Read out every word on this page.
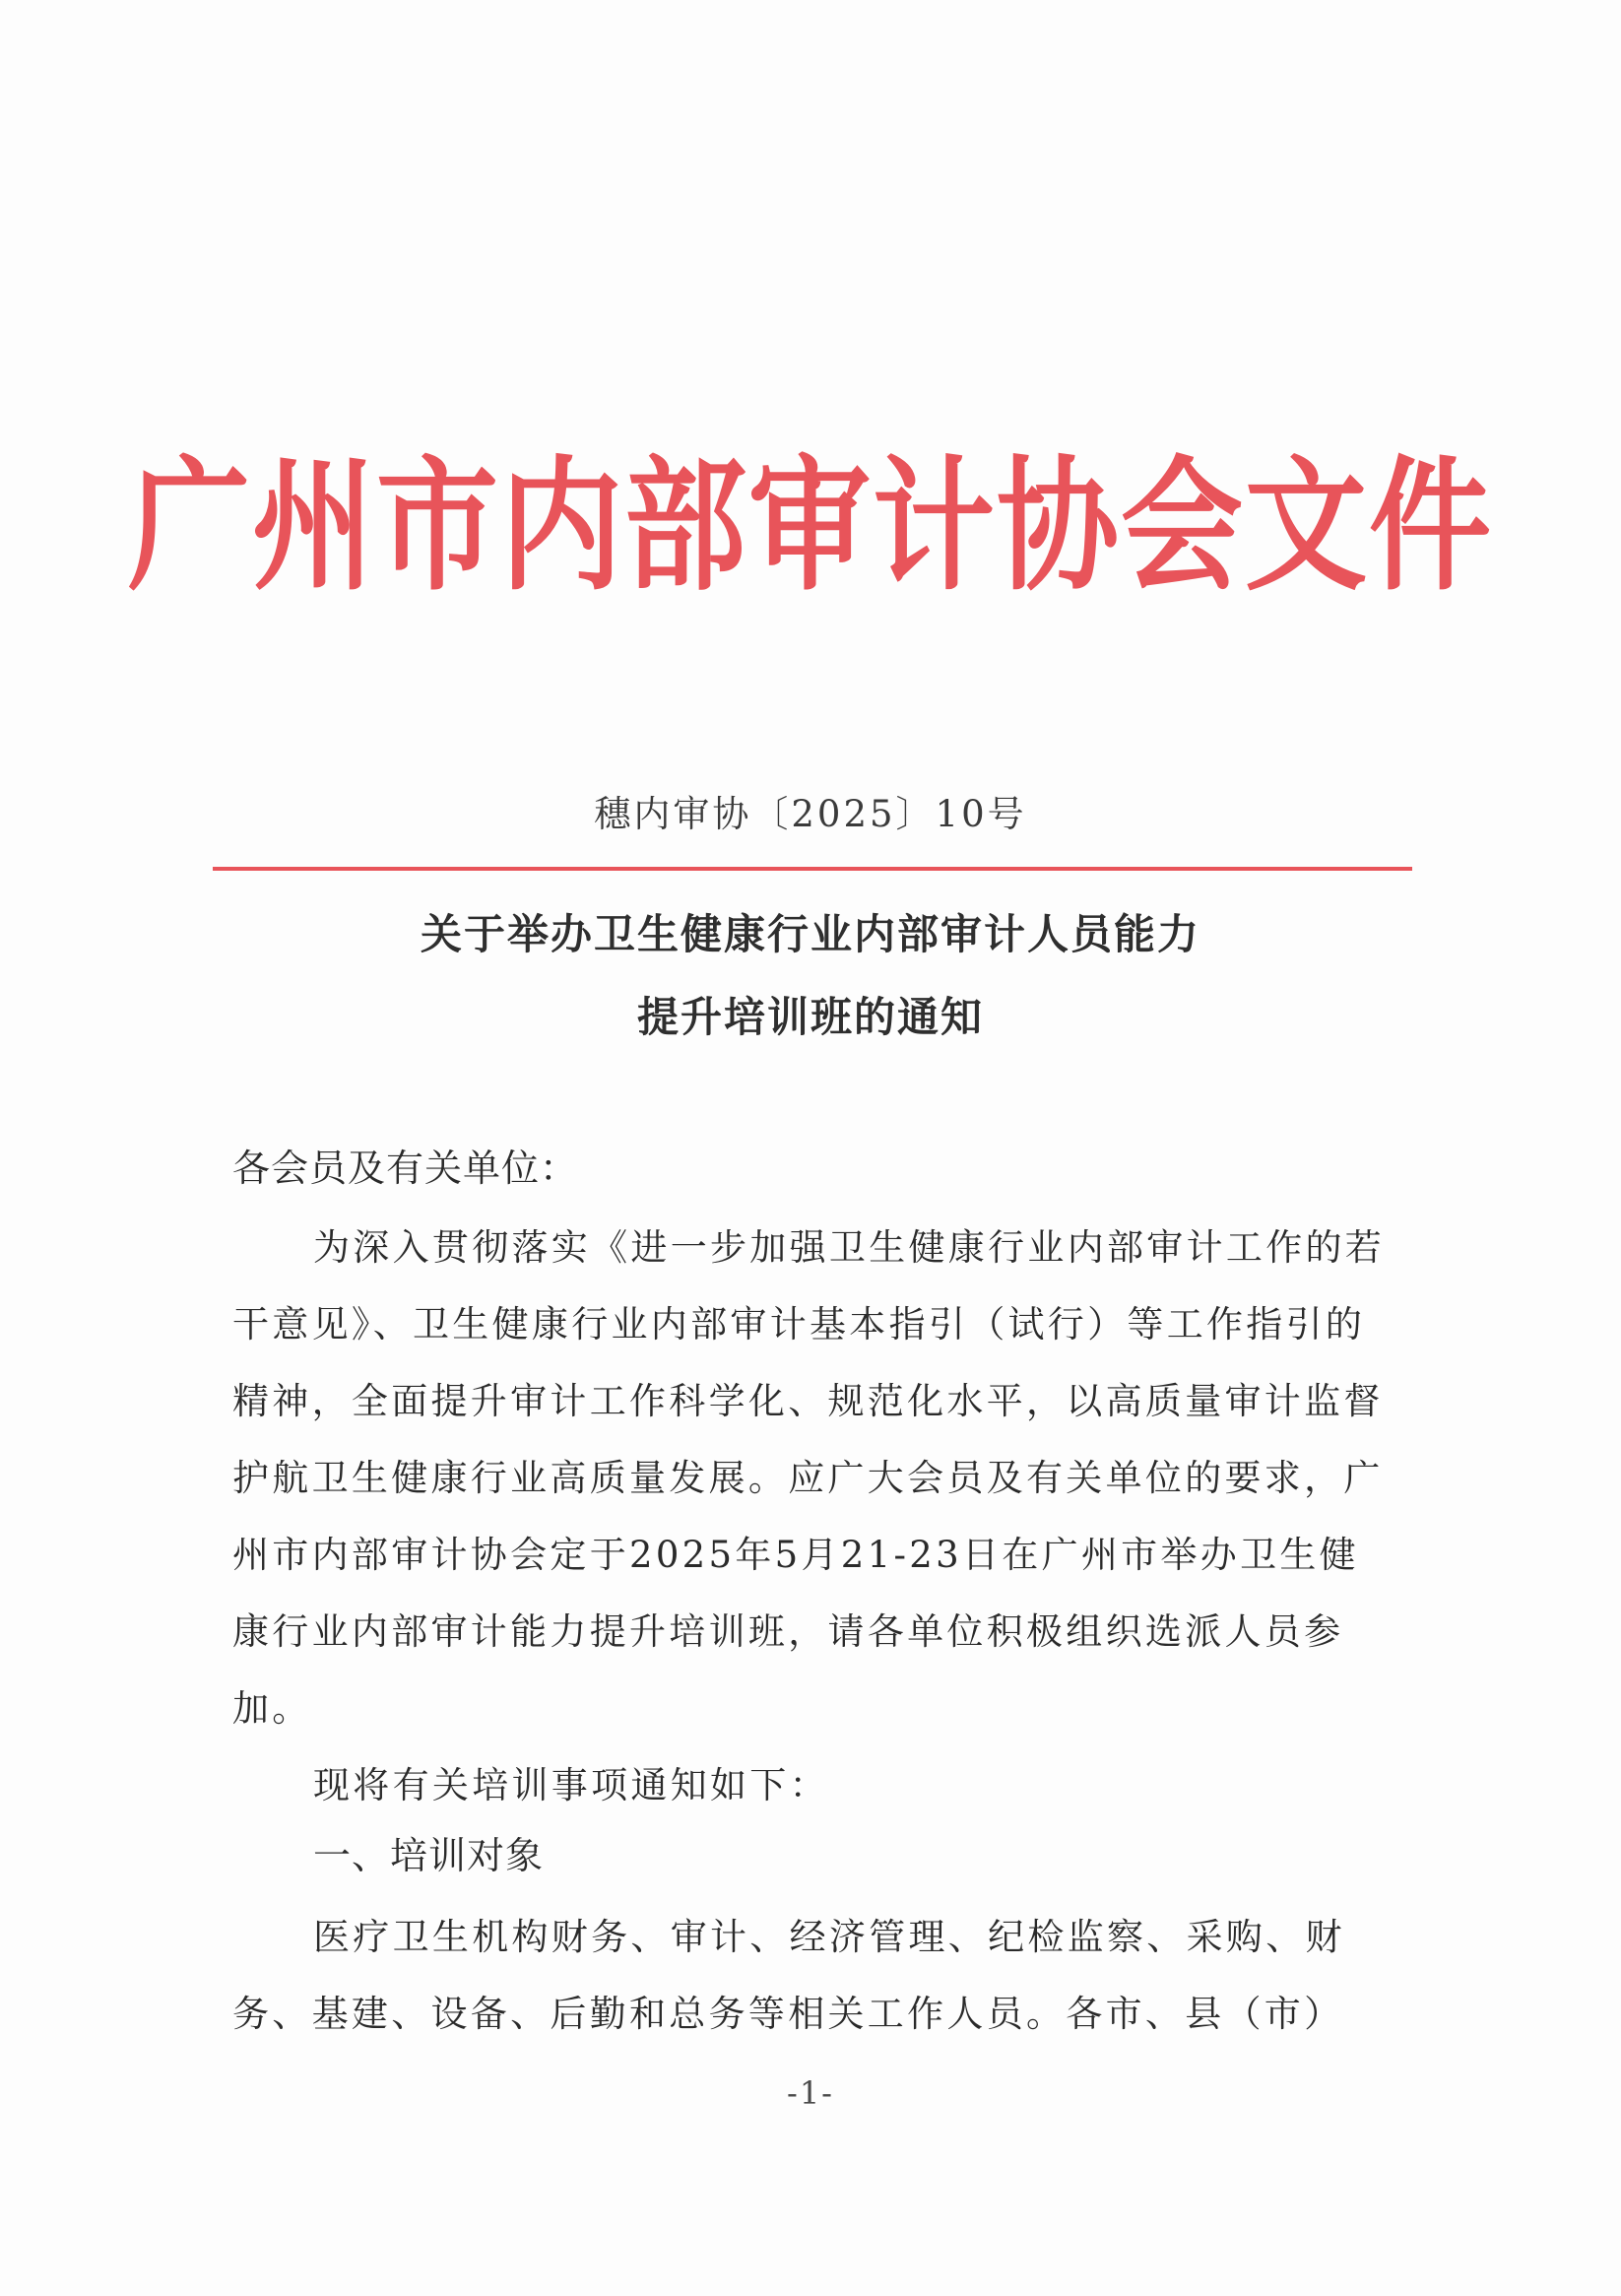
广州市内部审计协会文件
穗内审协〔2025〕10号
关于举办卫生健康行业内部审计人员能力
提升培训班的通知
各会员及有关单位：
为深入贯彻落实《进一步加强卫生健康行业内部审计工作的若
干意见》、卫生健康行业内部审计基本指引（试行）等工作指引的
精神，全面提升审计工作科学化、规范化水平，以高质量审计监督
护航卫生健康行业高质量发展。应广大会员及有关单位的要求，广
州市内部审计协会定于2025年5月21-23日在广州市举办卫生健
康行业内部审计能力提升培训班，请各单位积极组织选派人员参
加。
现将有关培训事项通知如下：
一、培训对象
医疗卫生机构财务、审计、经济管理、纪检监察、采购、财
务、基建、设备、后勤和总务等相关工作人员。各市、县（市）
-1-
